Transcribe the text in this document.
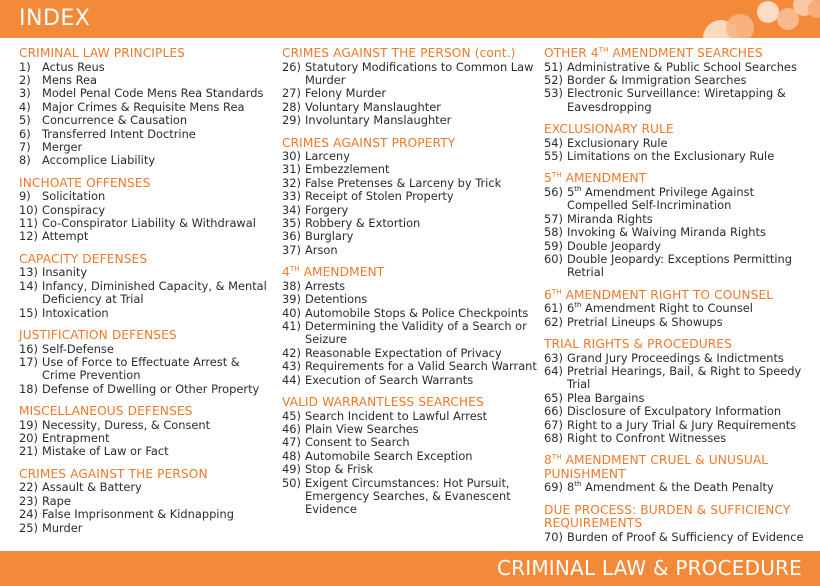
INDEX
CRIMINAL LAW PRINCIPLES
1) Actus Reus
2) Mens Rea
3) Model Penal Code Mens Rea Standards
4) Major Crimes & Requisite Mens Rea
5) Concurrence & Causation
6) Transferred Intent Doctrine
7) Merger
8) Accomplice Liability
INCHOATE OFFENSES
9) Solicitation
10) Conspiracy
11) Co-Conspirator Liability & Withdrawal
12) Attempt
CAPACITY DEFENSES
13) Insanity
14) Infancy, Diminished Capacity, & Mental Deficiency at Trial
15) Intoxication
JUSTIFICATION DEFENSES
16) Self-Defense
17) Use of Force to Effectuate Arrest & Crime Prevention
18) Defense of Dwelling or Other Property
MISCELLANEOUS DEFENSES
19) Necessity, Duress, & Consent
20) Entrapment
21) Mistake of Law or Fact
CRIMES AGAINST THE PERSON
22) Assault & Battery
23) Rape
24) False Imprisonment & Kidnapping
25) Murder
CRIMES AGAINST THE PERSON (cont.)
26) Statutory Modifications to Common Law Murder
27) Felony Murder
28) Voluntary Manslaughter
29) Involuntary Manslaughter
CRIMES AGAINST PROPERTY
30) Larceny
31) Embezzlement
32) False Pretenses & Larceny by Trick
33) Receipt of Stolen Property
34) Forgery
35) Robbery & Extortion
36) Burglary
37) Arson
4TH AMENDMENT
38) Arrests
39) Detentions
40) Automobile Stops & Police Checkpoints
41) Determining the Validity of a Search or Seizure
42) Reasonable Expectation of Privacy
43) Requirements for a Valid Search Warrant
44) Execution of Search Warrants
VALID WARRANTLESS SEARCHES
45) Search Incident to Lawful Arrest
46) Plain View Searches
47) Consent to Search
48) Automobile Search Exception
49) Stop & Frisk
50) Exigent Circumstances: Hot Pursuit, Emergency Searches, & Evanescent Evidence
OTHER 4TH AMENDMENT SEARCHES
51) Administrative & Public School Searches
52) Border & Immigration Searches
53) Electronic Surveillance: Wiretapping & Eavesdropping
EXCLUSIONARY RULE
54) Exclusionary Rule
55) Limitations on the Exclusionary Rule
5TH AMENDMENT
56) 5th Amendment Privilege Against Compelled Self-Incrimination
57) Miranda Rights
58) Invoking & Waiving Miranda Rights
59) Double Jeopardy
60) Double Jeopardy: Exceptions Permitting Retrial
6TH AMENDMENT RIGHT TO COUNSEL
61) 6th Amendment Right to Counsel
62) Pretrial Lineups & Showups
TRIAL RIGHTS & PROCEDURES
63) Grand Jury Proceedings & Indictments
64) Pretrial Hearings, Bail, & Right to Speedy Trial
65) Plea Bargains
66) Disclosure of Exculpatory Information
67) Right to a Jury Trial & Jury Requirements
68) Right to Confront Witnesses
8TH AMENDMENT CRUEL & UNUSUAL PUNISHMENT
69) 8th Amendment & the Death Penalty
DUE PROCESS: BURDEN & SUFFICIENCY REQUIREMENTS
70) Burden of Proof & Sufficiency of Evidence
CRIMINAL LAW & PROCEDURE
